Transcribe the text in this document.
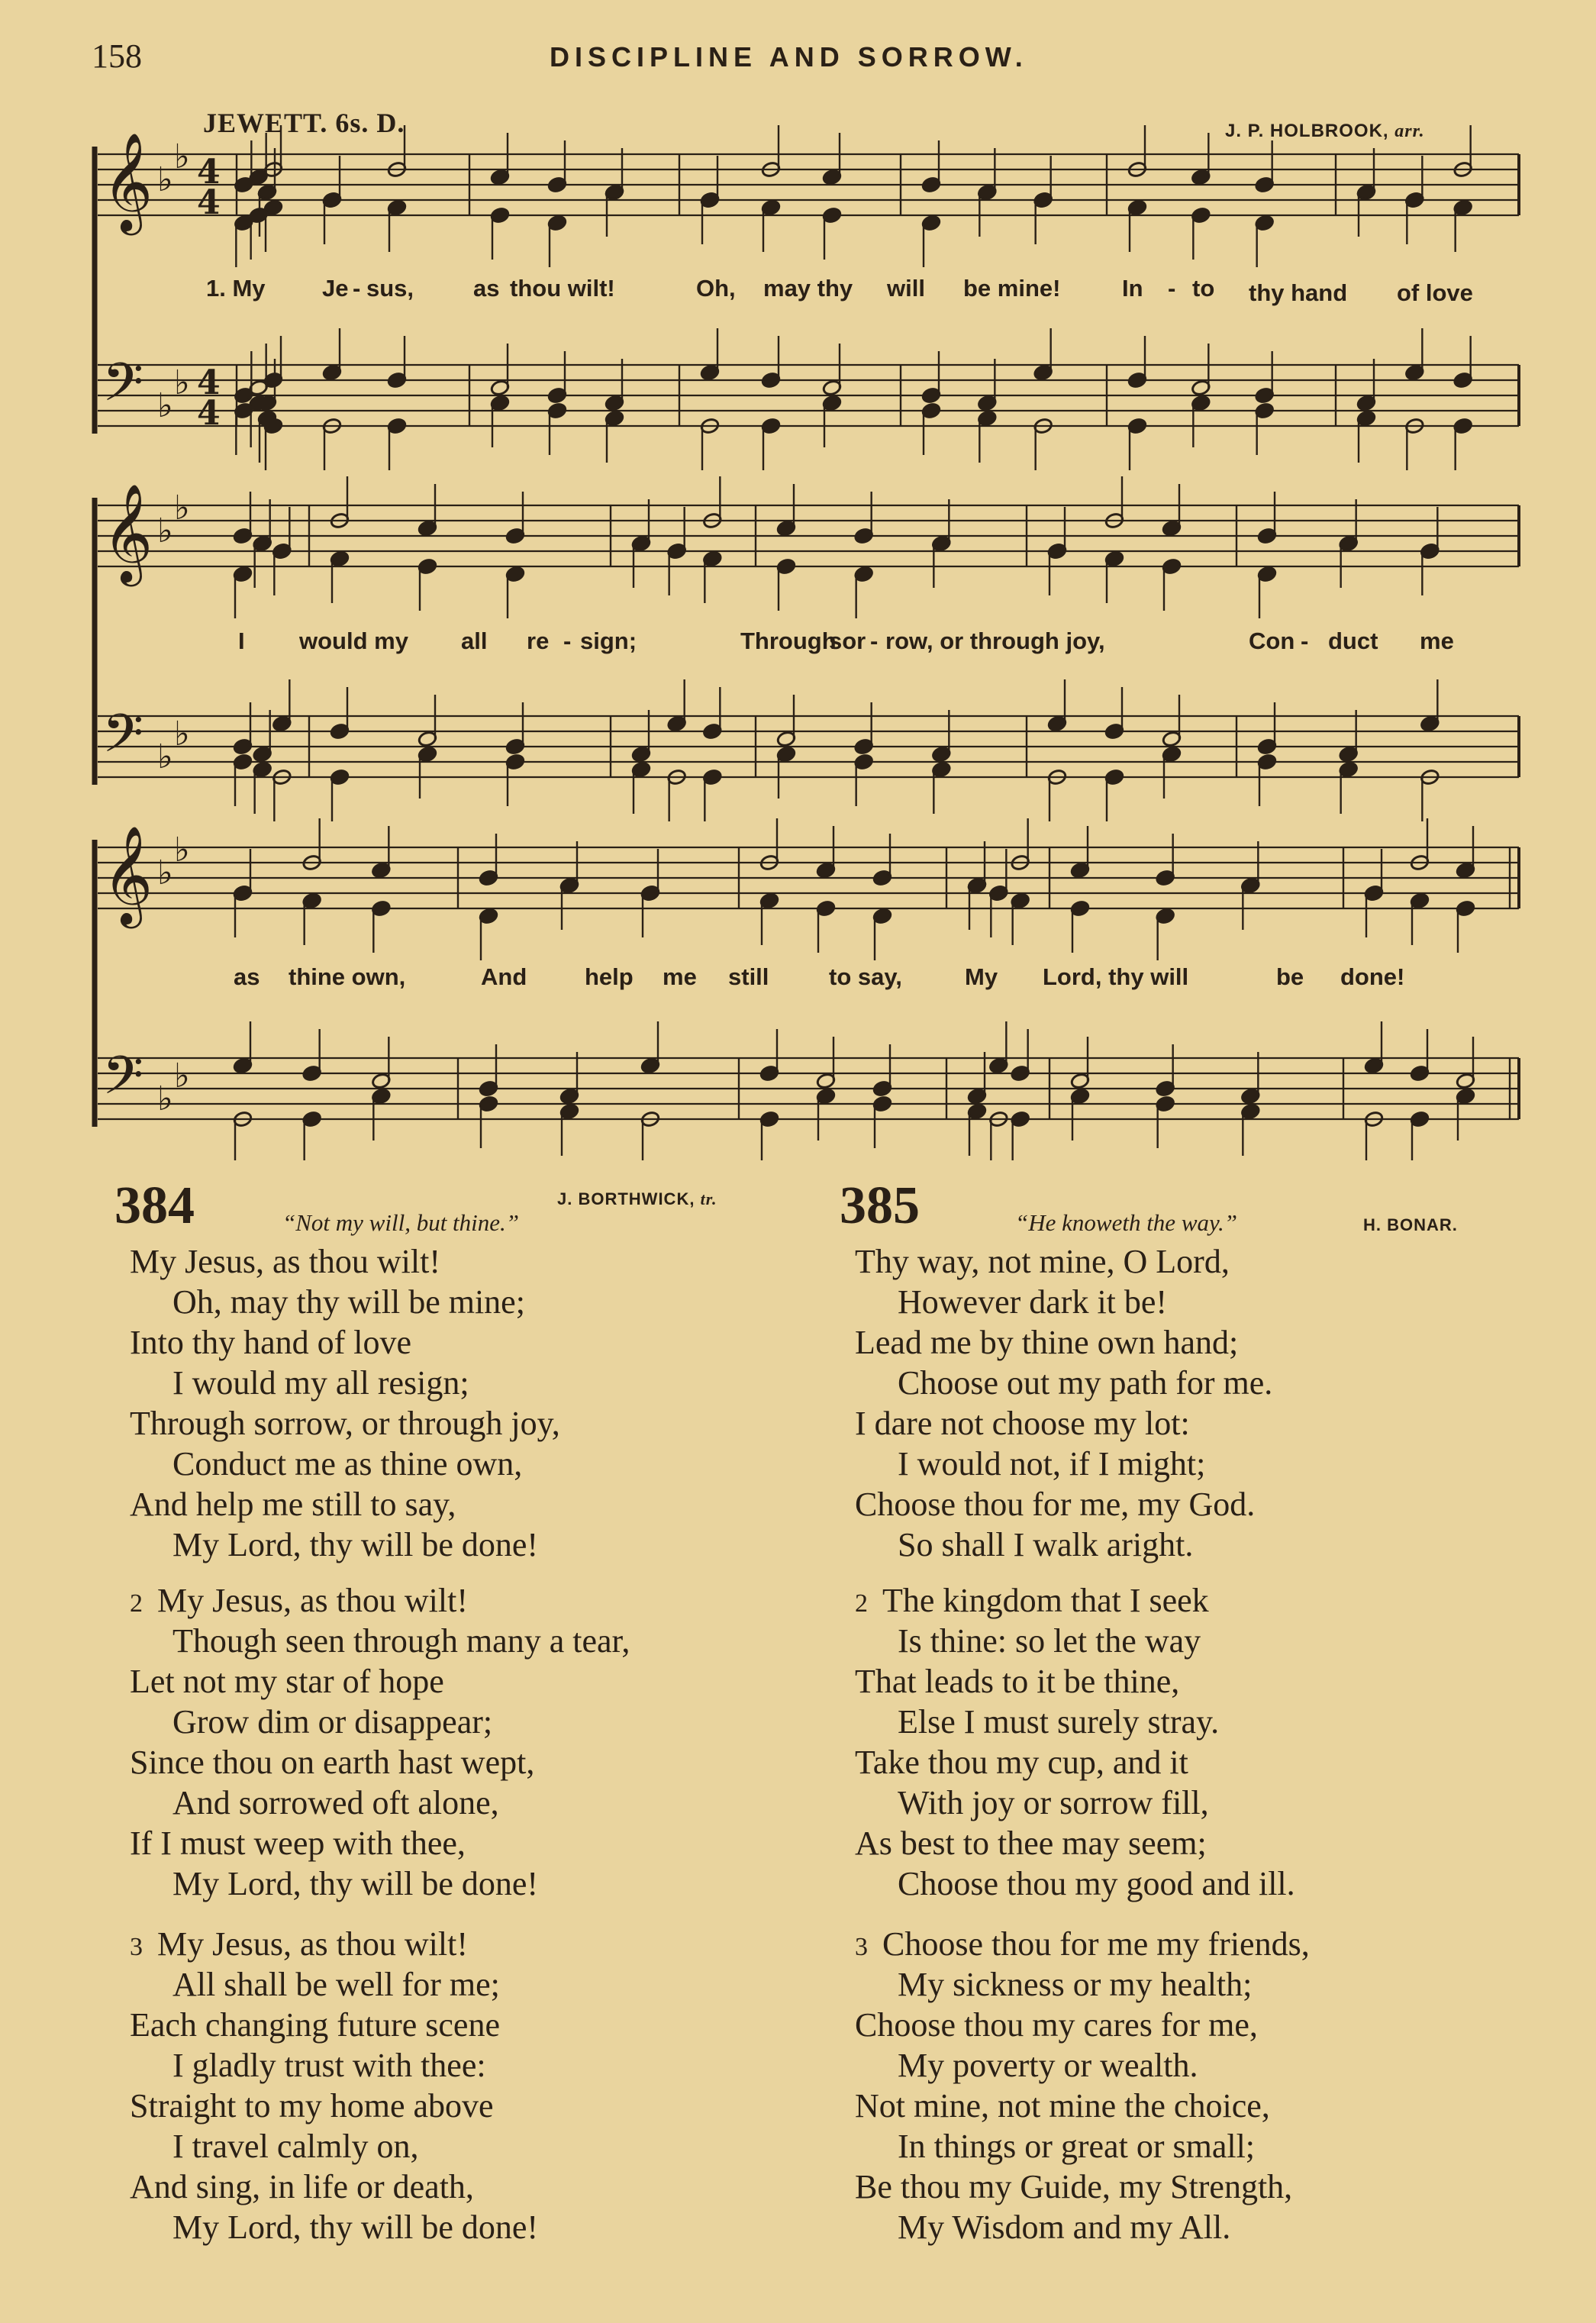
158	DISCIPLINE AND SORROW.
JEWETT. 6s. D.	J. P. HOLBROOK, arr.
𝄞
𝄢
♭
♭
♭
♭
4
4
4
4
𝄞
𝄢
♭
♭
♭
♭
𝄞
𝄢
♭
♭
♭
♭
1. My Je - sus,	as thou wilt!	Oh, may thy will be mine!	In - to thy hand of love
I would my all re - sign;	Through
sor - row, or through joy,	Con - duct me
as thine own,	And help me still	to say,	My Lord, thy will	be done!
384	J. BORTHWICK, tr.
“Not my will, but thine.”
My Jesus, as thou wilt!
Oh, may thy will be mine;
Into thy hand of love
I would my all resign;
Through sorrow, or through joy,
Conduct me as thine own,
And help me still to say,
My Lord, thy will be done!
2 My Jesus, as thou wilt!
Though seen through many a tear,
Let not my star of hope
Grow dim or disappear;
Since thou on earth hast wept,
And sorrowed oft alone,
If I must weep with thee,
My Lord, thy will be done!
3 My Jesus, as thou wilt!
All shall be well for me;
Each changing future scene
I gladly trust with thee:
Straight to my home above
I travel calmly on,
And sing, in life or death,
My Lord, thy will be done!
385	“He knoweth the way.”	H. BONAR.
Thy way, not mine, O Lord,
However dark it be!
Lead me by thine own hand;
Choose out my path for me.
I dare not choose my lot:
I would not, if I might;
Choose thou for me, my God.
So shall I walk aright.
2 The kingdom that I seek
Is thine: so let the way
That leads to it be thine,
Else I must surely stray.
Take thou my cup, and it
With joy or sorrow fill,
As best to thee may seem;
Choose thou my good and ill.
3 Choose thou for me my friends,
My sickness or my health;
Choose thou my cares for me,
My poverty or wealth.
Not mine, not mine the choice,
In things or great or small;
Be thou my Guide, my Strength,
My Wisdom and my All.
